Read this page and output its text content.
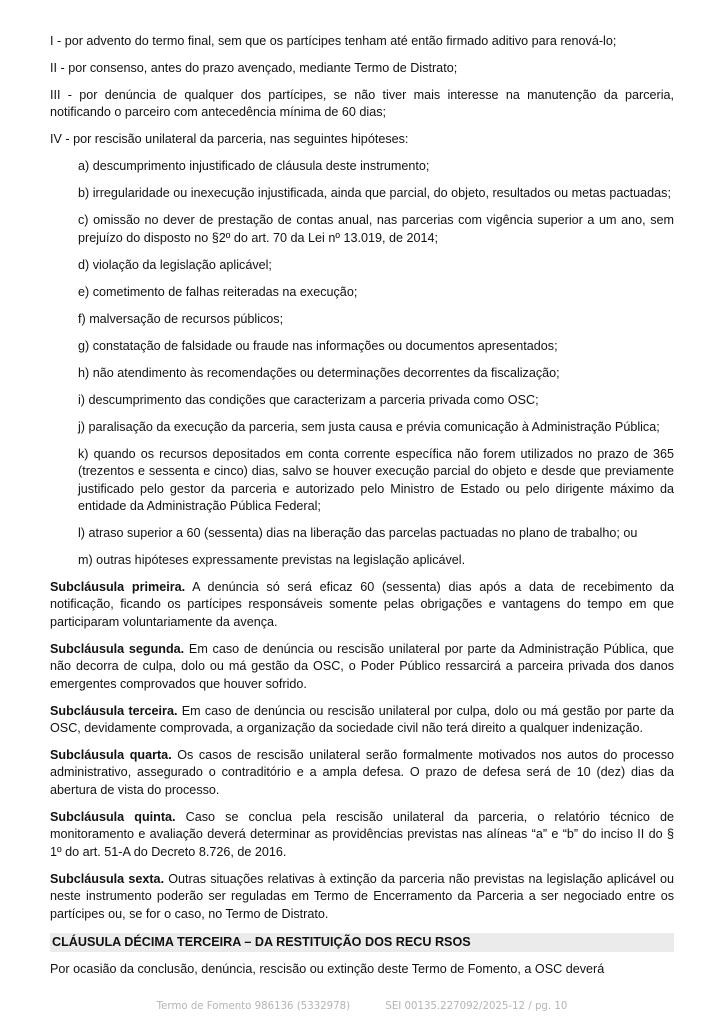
I - por advento do termo final, sem que os partícipes tenham até então firmado aditivo para renová-lo;

II - por consenso, antes do prazo avençado, mediante Termo de Distrato;

III - por denúncia de qualquer dos partícipes, se não tiver mais interesse na manutenção da parceria, notificando o parceiro com antecedência mínima de 60 dias;

IV - por rescisão unilateral da parceria, nas seguintes hipóteses:

a) descumprimento injustificado de cláusula deste instrumento;

b) irregularidade ou inexecução injustificada, ainda que parcial, do objeto, resultados ou metas pactuadas;

c) omissão no dever de prestação de contas anual, nas parcerias com vigência superior a um ano, sem prejuízo do disposto no §2º do art. 70 da Lei nº 13.019, de 2014;

d) violação da legislação aplicável;

e) cometimento de falhas reiteradas na execução;

f) malversação de recursos públicos;

g) constatação de falsidade ou fraude nas informações ou documentos apresentados;

h) não atendimento às recomendações ou determinações decorrentes da fiscalização;

i) descumprimento das condições que caracterizam a parceria privada como OSC;

j) paralisação da execução da parceria, sem justa causa e prévia comunicação à Administração Pública;

k) quando os recursos depositados em conta corrente específica não forem utilizados no prazo de 365 (trezentos e sessenta e cinco) dias, salvo se houver execução parcial do objeto e desde que previamente justificado pelo gestor da parceria e autorizado pelo Ministro de Estado ou pelo dirigente máximo da entidade da Administração Pública Federal;

l) atraso superior a 60 (sessenta) dias na liberação das parcelas pactuadas no plano de trabalho; ou

m) outras hipóteses expressamente previstas na legislação aplicável.

Subcláusula primeira. A denúncia só será eficaz 60 (sessenta) dias após a data de recebimento da notificação, ficando os partícipes responsáveis somente pelas obrigações e vantagens do tempo em que participaram voluntariamente da avença.

Subcláusula segunda. Em caso de denúncia ou rescisão unilateral por parte da Administração Pública, que não decorra de culpa, dolo ou má gestão da OSC, o Poder Público ressarcirá a parceira privada dos danos emergentes comprovados que houver sofrido.

Subcláusula terceira. Em caso de denúncia ou rescisão unilateral por culpa, dolo ou má gestão por parte da OSC, devidamente comprovada, a organização da sociedade civil não terá direito a qualquer indenização.

Subcláusula quarta. Os casos de rescisão unilateral serão formalmente motivados nos autos do processo administrativo, assegurado o contraditório e a ampla defesa. O prazo de defesa será de 10 (dez) dias da abertura de vista do processo.

Subcláusula quinta. Caso se conclua pela rescisão unilateral da parceria, o relatório técnico de monitoramento e avaliação deverá determinar as providências previstas nas alíneas “a” e “b” do inciso II do § 1º do art. 51-A do Decreto 8.726, de 2016.

Subcláusula sexta. Outras situações relativas à extinção da parceria não previstas na legislação aplicável ou neste instrumento poderão ser reguladas em Termo de Encerramento da Parceria a ser negociado entre os partícipes ou, se for o caso, no Termo de Distrato.

CLÁUSULA DÉCIMA TERCEIRA – DA RESTITUIÇÃO DOS RECU RSOS

Por ocasião da conclusão, denúncia, rescisão ou extinção deste Termo de Fomento, a OSC deverá

Termo de Fomento 986136 (5332978)	SEI 00135.227092/2025-12 / pg. 10
